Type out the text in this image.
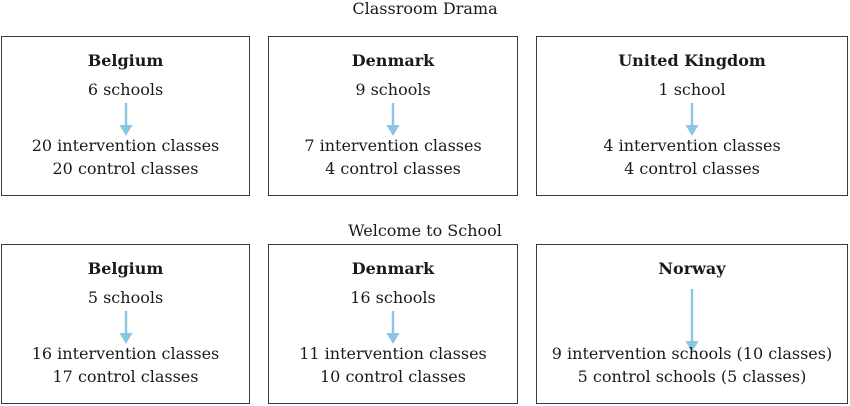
Classroom Drama
Belgium
6 schools
20 intervention classes
20 control classes
Denmark
9 schools
7 intervention classes
4 control classes
United Kingdom
1 school
4 intervention classes
4 control classes
Welcome to School
Belgium
5 schools
16 intervention classes
17 control classes
Denmark
16 schools
11 intervention classes
10 control classes
Norway
9 intervention schools (10 classes)
5 control schools (5 classes)
